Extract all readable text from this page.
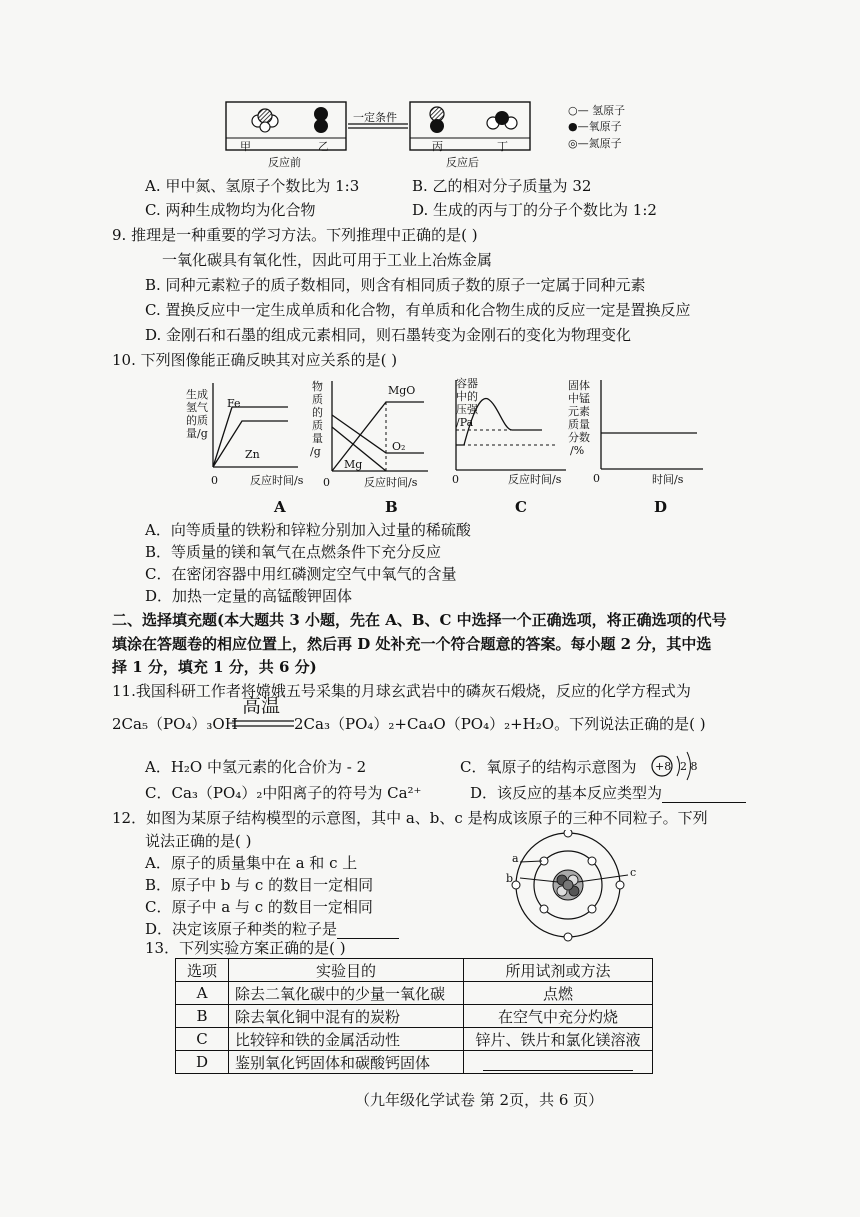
一定条件
甲	乙	丙	丁
反应前	反应后
○— 氢原子
●—氧原子
◎—氮原子
A. 甲中氮、氢原子个数比为 1:3	B. 乙的相对分子质量为 32
C. 两种生成物均为化合物	D. 生成的丙与丁的分子个数比为 1:2
9. 推理是一种重要的学习方法。下列推理中正确的是( )
一氧化碳具有氧化性，因此可用于工业上冶炼金属
B. 同种元素粒子的质子数相同，则含有相同质子数的原子一定属于同种元素
C. 置换反应中一定生成单质和化合物，有单质和化合物生成的反应一定是置换反应
D. 金刚石和石墨的组成元素相同，则石墨转变为金刚石的变化为物理变化
10. 下列图像能正确反映其对应关系的是( )
生成
氢气
的质
量/g
Fe
Zn
0	反应时间/s
A
物
质
的
质
量
/g
MgO
O₂
Mg
0	反应时间/s
B
容器
中的
压强
/Pa
0	反应时间/s
C
固体
中锰
元素
质量
分数
/%
0	时间/s
D
A．向等质量的铁粉和锌粒分别加入过量的稀硫酸
B．等质量的镁和氧气在点燃条件下充分反应
C．在密闭容器中用红磷测定空气中氧气的含量
D．加热一定量的高锰酸钾固体
二、选择填充题(本大题共 3 小题，先在 A、B、C 中选择一个正确选项，将正确选项的代号
填涂在答题卷的相应位置上，然后再 D 处补充一个符合题意的答案。每小题 2 分，其中选
择 1 分，填充 1 分，共 6 分)
11.我国科研工作者将嫦娥五号采集的月球玄武岩中的磷灰石煅烧，反应的化学方程式为
高温
2Ca₅（PO₄）₃OH	2Ca₃（PO₄）₂+Ca₄O（PO₄）₂+H₂O。下列说法正确的是( )
A．H₂O 中氢元素的化合价为 - 2	C．氧原子的结构示意图为 +8 2 8
C．Ca₃（PO₄）₂中阳离子的符号为 Ca²⁺	D．该反应的基本反应类型为
12．如图为某原子结构模型的示意图，其中 a、b、c 是构成该原子的三种不同粒子。下列
说法正确的是( )
A．原子的质量集中在 a 和 c 上
B．原子中 b 与 c 的数目一定相同
C．原子中 a 与 c 的数目一定相同
D．决定该原子种类的粒子是
a
b	c
13．下列实验方案正确的是( )
选项	实验目的	所用试剂或方法
A	除去二氧化碳中的少量一氧化碳	点燃
B	除去氧化铜中混有的炭粉	在空气中充分灼烧
C	比较锌和铁的金属活动性	锌片、铁片和氯化镁溶液
D	鉴别氧化钙固体和碳酸钙固体	
（九年级化学试卷 第 2页，共 6 页）
